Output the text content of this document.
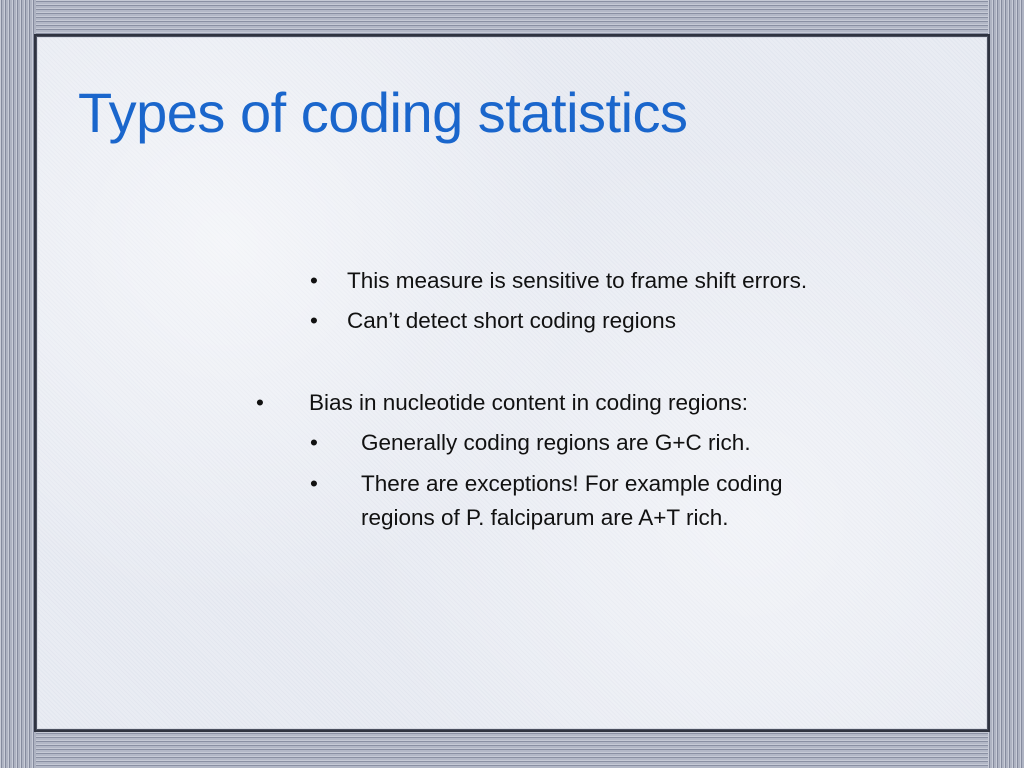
Types of coding statistics
• This measure is sensitive to frame shift errors.
• Can’t detect short coding regions
• Bias in nucleotide content in coding regions:
• Generally coding regions are G+C rich.
• There are exceptions! For example coding
regions of P. falciparum are A+T rich.
